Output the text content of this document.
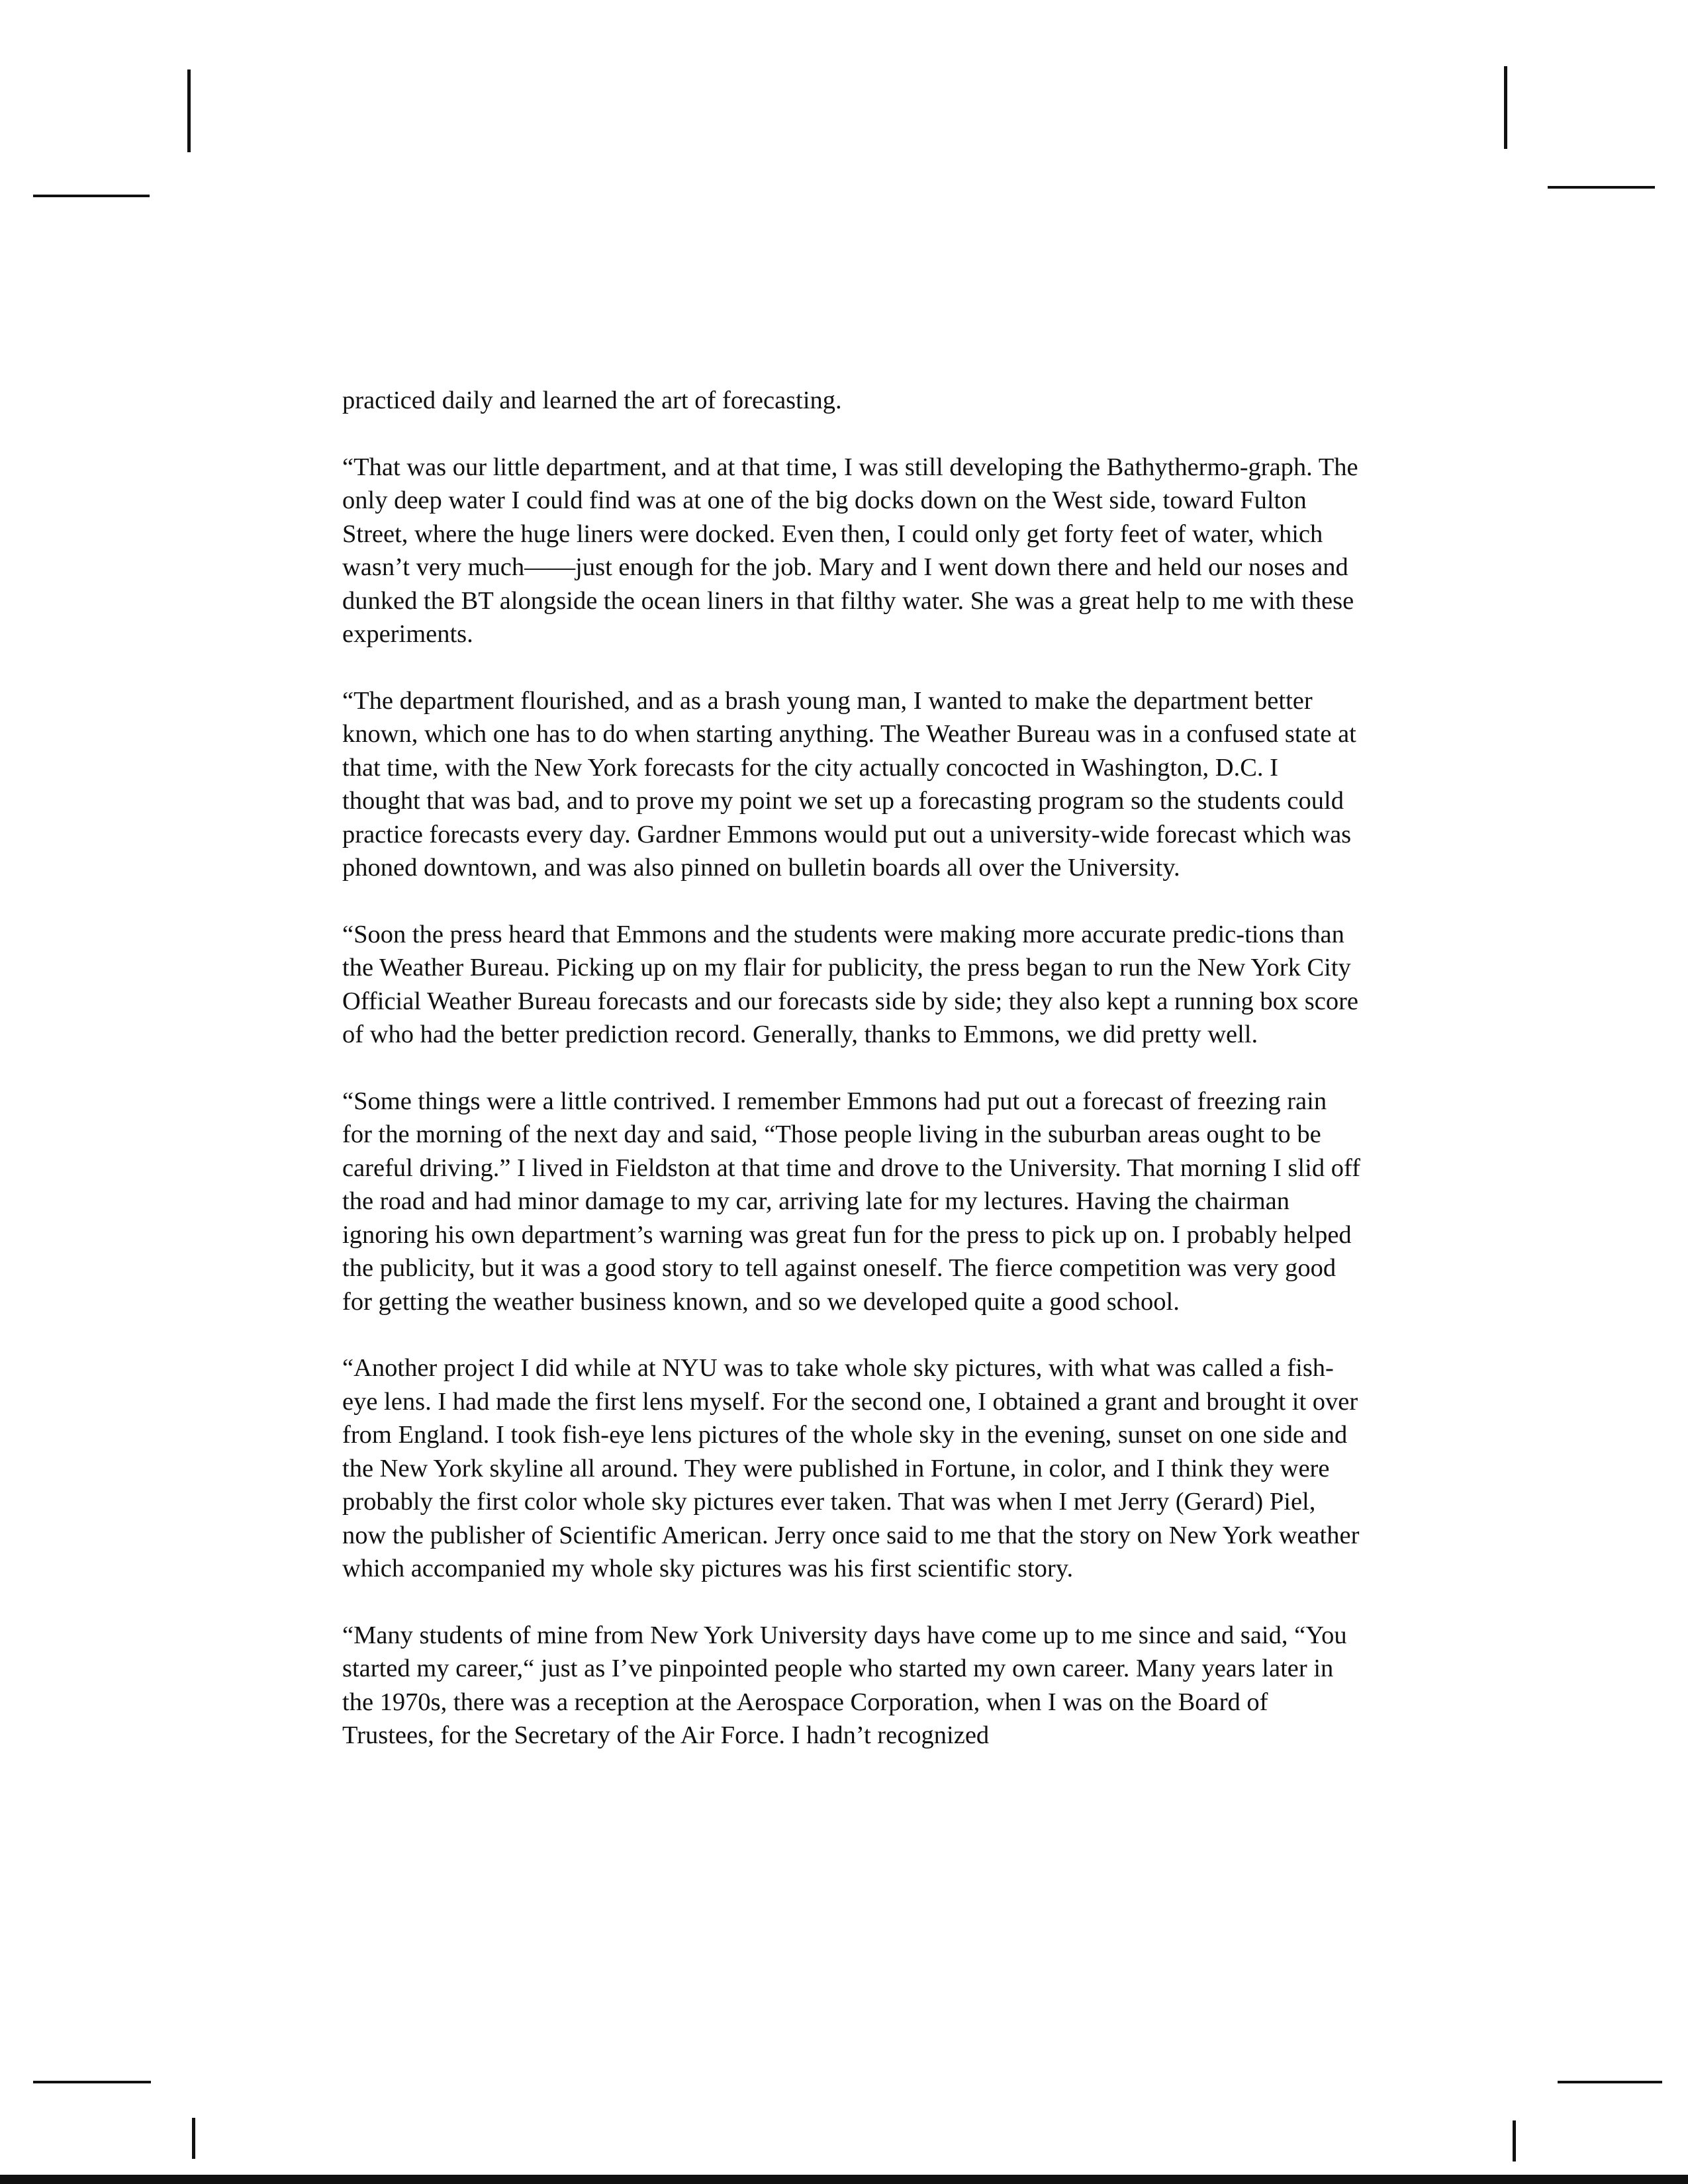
practiced daily and learned the art of forecasting.

“That was our little department, and at that time, I was still developing the Bathythermo-graph. The only deep water I could find was at one of the big docks down on the West side, toward Fulton Street, where the huge liners were docked. Even then, I could only get forty feet of water, which wasn’t very much——just enough for the job. Mary and I went down there and held our noses and dunked the BT alongside the ocean liners in that filthy water. She was a great help to me with these experiments.

“The department flourished, and as a brash young man, I wanted to make the department better known, which one has to do when starting anything. The Weather Bureau was in a confused state at that time, with the New York forecasts for the city actually concocted in Washington, D.C. I thought that was bad, and to prove my point we set up a forecasting program so the students could practice forecasts every day. Gardner Emmons would put out a university-wide forecast which was phoned downtown, and was also pinned on bulletin boards all over the University.

“Soon the press heard that Emmons and the students were making more accurate predic-tions than the Weather Bureau. Picking up on my flair for publicity, the press began to run the New York City Official Weather Bureau forecasts and our forecasts side by side; they also kept a running box score of who had the better prediction record. Generally, thanks to Emmons, we did pretty well.

“Some things were a little contrived. I remember Emmons had put out a forecast of freezing rain for the morning of the next day and said, “Those people living in the suburban areas ought to be careful driving.” I lived in Fieldston at that time and drove to the University. That morning I slid off the road and had minor damage to my car, arriving late for my lectures. Having the chairman ignoring his own department’s warning was great fun for the press to pick up on. I probably helped the publicity, but it was a good story to tell against oneself. The fierce competition was very good for getting the weather business known, and so we developed quite a good school.

“Another project I did while at NYU was to take whole sky pictures, with what was called a fish-eye lens. I had made the first lens myself. For the second one, I obtained a grant and brought it over from England. I took fish-eye lens pictures of the whole sky in the evening, sunset on one side and the New York skyline all around. They were published in Fortune, in color, and I think they were probably the first color whole sky pictures ever taken. That was when I met Jerry (Gerard) Piel, now the publisher of Scientific American. Jerry once said to me that the story on New York weather which accompanied my whole sky pictures was his first scientific story.

“Many students of mine from New York University days have come up to me since and said, “You started my career,“ just as I’ve pinpointed people who started my own career. Many years later in the 1970s, there was a reception at the Aerospace Corporation, when I was on the Board of Trustees, for the Secretary of the Air Force. I hadn’t recognized
